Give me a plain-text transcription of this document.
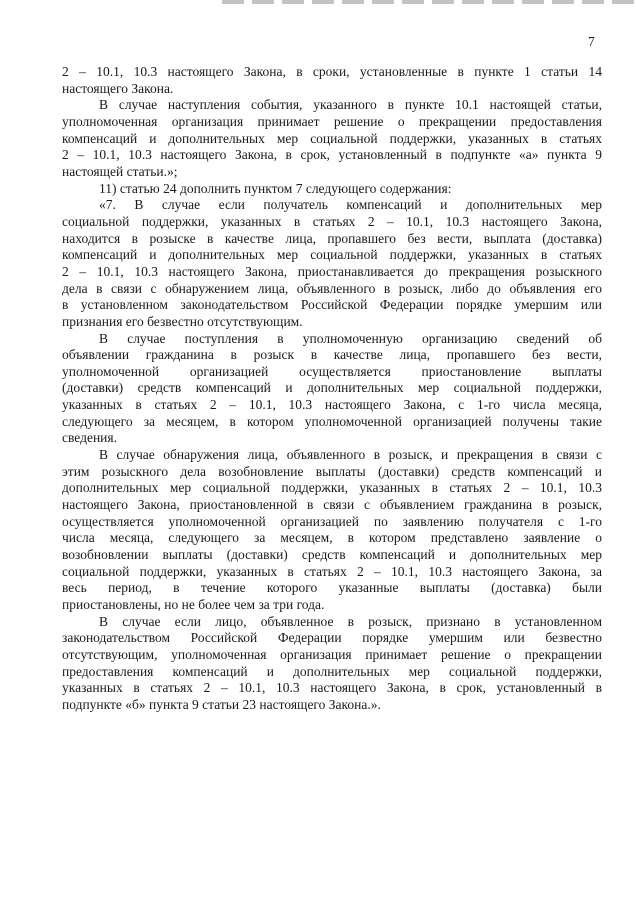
7
2 – 10.1, 10.3 настоящего Закона, в сроки, установленные в пункте 1 статьи 14
настоящего Закона.
В случае наступления события, указанного в пункте 10.1 настоящей статьи,
уполномоченная организация принимает решение о прекращении предоставления
компенсаций и дополнительных мер социальной поддержки, указанных в статьях
2 – 10.1, 10.3 настоящего Закона, в срок, установленный в подпункте «а» пункта 9
настоящей статьи.»;
11) статью 24 дополнить пунктом 7 следующего содержания:
«7. В случае если получатель компенсаций и дополнительных мер
социальной поддержки, указанных в статьях 2 – 10.1, 10.3 настоящего Закона,
находится в розыске в качестве лица, пропавшего без вести, выплата (доставка)
компенсаций и дополнительных мер социальной поддержки, указанных в статьях
2 – 10.1, 10.3 настоящего Закона, приостанавливается до прекращения розыскного
дела в связи с обнаружением лица, объявленного в розыск, либо до объявления его
в установленном законодательством Российской Федерации порядке умершим или
признания его безвестно отсутствующим.
В случае поступления в уполномоченную организацию сведений об
объявлении гражданина в розыск в качестве лица, пропавшего без вести,
уполномоченной организацией осуществляется приостановление выплаты
(доставки) средств компенсаций и дополнительных мер социальной поддержки,
указанных в статьях 2 – 10.1, 10.3 настоящего Закона, с 1-го числа месяца,
следующего за месяцем, в котором уполномоченной организацией получены такие
сведения.
В случае обнаружения лица, объявленного в розыск, и прекращения в связи с
этим розыскного дела возобновление выплаты (доставки) средств компенсаций и
дополнительных мер социальной поддержки, указанных в статьях 2 – 10.1, 10.3
настоящего Закона, приостановленной в связи с объявлением гражданина в розыск,
осуществляется уполномоченной организацией по заявлению получателя с 1-го
числа месяца, следующего за месяцем, в котором представлено заявление о
возобновлении выплаты (доставки) средств компенсаций и дополнительных мер
социальной поддержки, указанных в статьях 2 – 10.1, 10.3 настоящего Закона, за
весь период, в течение которого указанные выплаты (доставка) были
приостановлены, но не более чем за три года.
В случае если лицо, объявленное в розыск, признано в установленном
законодательством Российской Федерации порядке умершим или безвестно
отсутствующим, уполномоченная организация принимает решение о прекращении
предоставления компенсаций и дополнительных мер социальной поддержки,
указанных в статьях 2 – 10.1, 10.3 настоящего Закона, в срок, установленный в
подпункте «б» пункта 9 статьи 23 настоящего Закона.».
